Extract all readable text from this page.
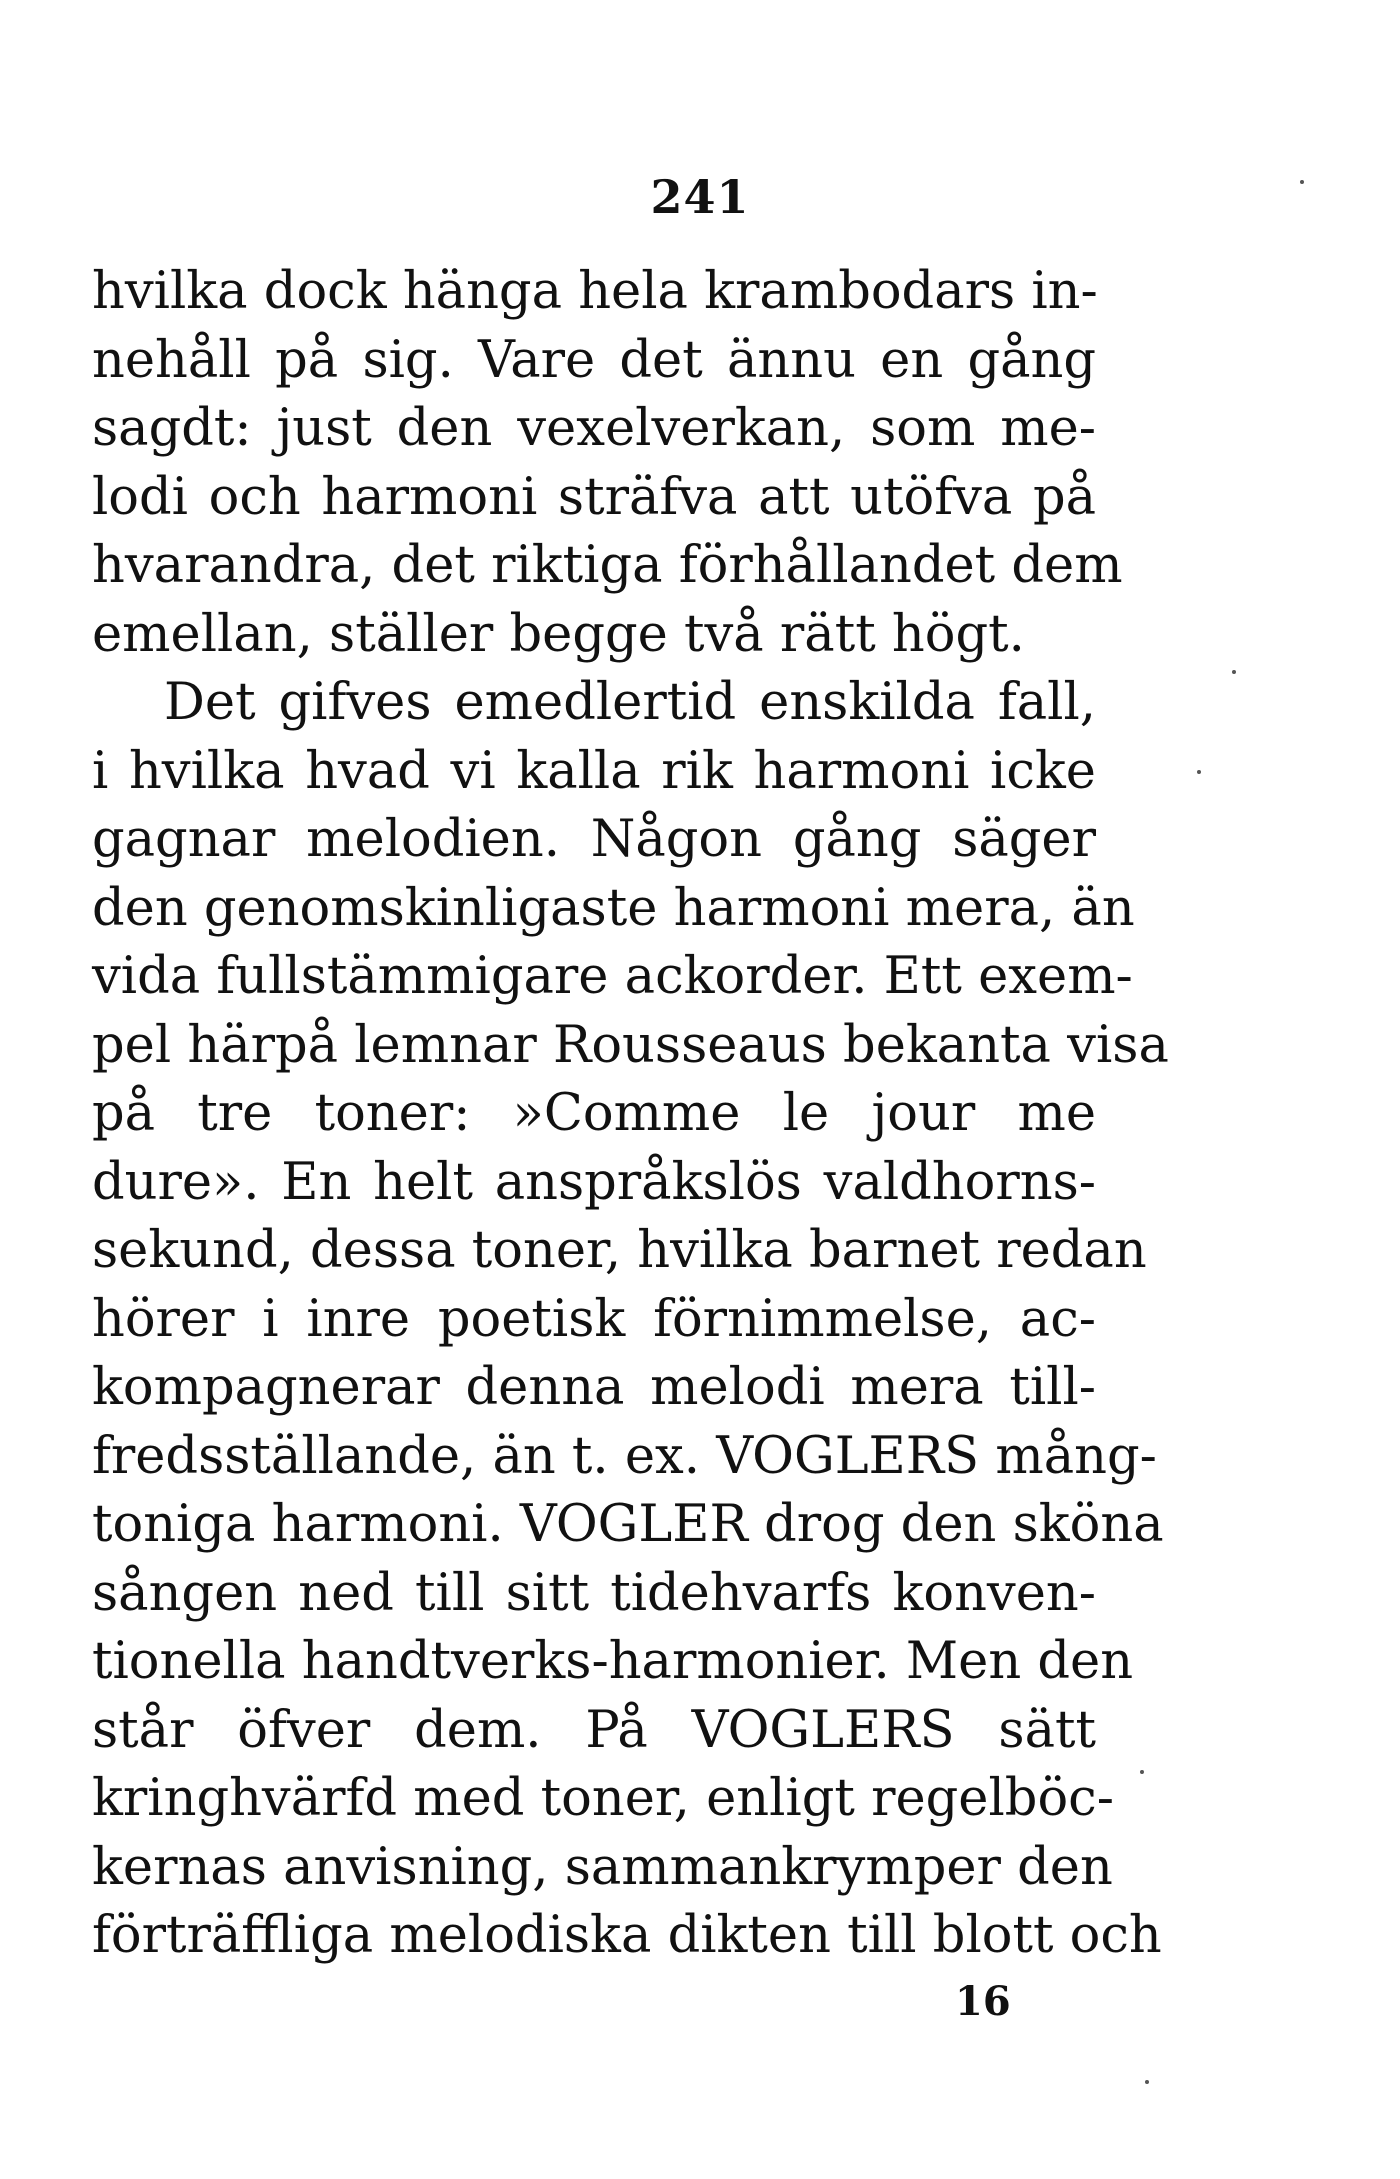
241
hvilka dock hänga hela krambodars in-
nehåll på sig. Vare det ännu en gång
sagdt: just den vexelverkan, som me-
lodi och harmoni sträfva att utöfva på
hvarandra, det riktiga förhållandet dem
emellan, ställer begge två rätt högt.
Det gifves emedlertid enskilda fall,
i hvilka hvad vi kalla rik harmoni icke
gagnar melodien. Någon gång säger
den genomskinligaste harmoni mera, än
vida fullstämmigare ackorder. Ett exem-
pel härpå lemnar Rousseaus bekanta visa
på tre toner: »Comme le jour me
dure». En helt anspråkslös valdhorns-
sekund, dessa toner, hvilka barnet redan
hörer i inre poetisk förnimmelse, ac-
kompagnerar denna melodi mera till-
fredsställande, än t. ex. VOGLERS mång-
toniga harmoni. VOGLER drog den sköna
sången ned till sitt tidehvarfs konven-
tionella handtverks-harmonier. Men den
står öfver dem. På VOGLERS sätt
kringhvärfd med toner, enligt regelböc-
kernas anvisning, sammankrymper den
förträffliga melodiska dikten till blott och
16
